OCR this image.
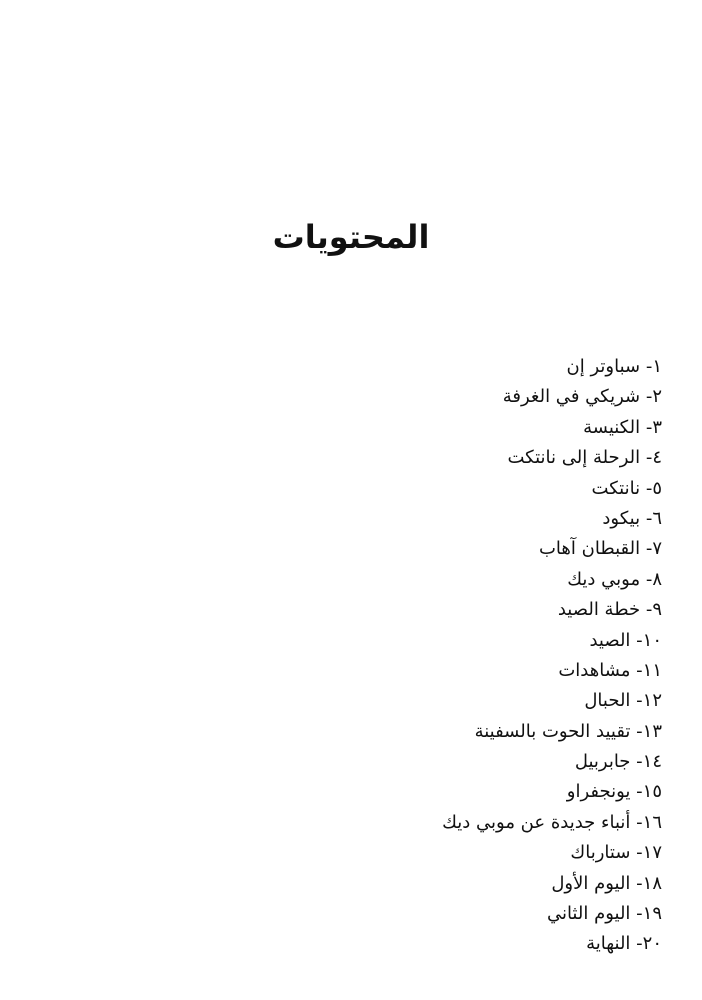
المحتويات
١- سباوتر إن
٢- شريكي في الغرفة
٣- الكنيسة
٤- الرحلة إلى نانتكت
٥- نانتكت
٦- بيكود
٧- القبطان آهاب
٨- موبي ديك
٩- خطة الصيد
١٠- الصيد
١١- مشاهدات
١٢- الحبال
١٣- تقييد الحوت بالسفينة
١٤- جابربيل
١٥- يونجفراو
١٦- أنباء جديدة عن موبي ديك
١٧- ستارباك
١٨- اليوم الأول
١٩- اليوم الثاني
٢٠- النهاية
